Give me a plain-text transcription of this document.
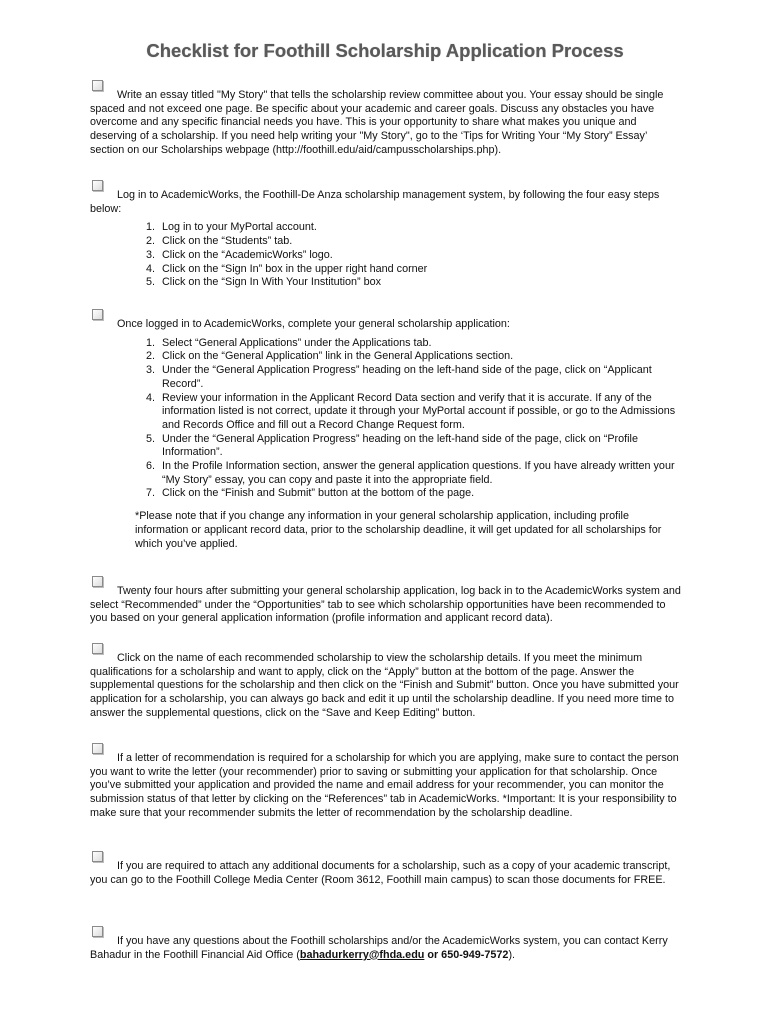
Checklist for Foothill Scholarship Application Process

Write an essay titled "My Story" that tells the scholarship review committee about you. Your essay should be single spaced and not exceed one page. Be specific about your academic and career goals. Discuss any obstacles you have overcome and any specific financial needs you have. This is your opportunity to share what makes you unique and deserving of a scholarship. If you need help writing your "My Story", go to the ‘Tips for Writing Your “My Story” Essay’ section on our Scholarships webpage (http://foothill.edu/aid/campusscholarships.php).

Log in to AcademicWorks, the Foothill-De Anza scholarship management system, by following the four easy steps below:

1. Log in to your MyPortal account.
2. Click on the “Students” tab.
3. Click on the “AcademicWorks” logo.
4. Click on the “Sign In” box in the upper right hand corner
5. Click on the “Sign In With Your Institution” box

Once logged in to AcademicWorks, complete your general scholarship application:

1. Select “General Applications” under the Applications tab.
2. Click on the “General Application” link in the General Applications section.
3. Under the “General Application Progress” heading on the left-hand side of the page, click on “Applicant Record”.
4. Review your information in the Applicant Record Data section and verify that it is accurate. If any of the information listed is not correct, update it through your MyPortal account if possible, or go to the Admissions and Records Office and fill out a Record Change Request form.
5. Under the “General Application Progress” heading on the left-hand side of the page, click on “Profile Information”.
6. In the Profile Information section, answer the general application questions. If you have already written your “My Story” essay, you can copy and paste it into the appropriate field.
7. Click on the “Finish and Submit” button at the bottom of the page.

*Please note that if you change any information in your general scholarship application, including profile information or applicant record data, prior to the scholarship deadline, it will get updated for all scholarships for which you’ve applied.

Twenty four hours after submitting your general scholarship application, log back in to the AcademicWorks system and select “Recommended” under the “Opportunities” tab to see which scholarship opportunities have been recommended to you based on your general application information (profile information and applicant record data).

Click on the name of each recommended scholarship to view the scholarship details. If you meet the minimum qualifications for a scholarship and want to apply, click on the “Apply” button at the bottom of the page. Answer the supplemental questions for the scholarship and then click on the “Finish and Submit” button. Once you have submitted your application for a scholarship, you can always go back and edit it up until the scholarship deadline. If you need more time to answer the supplemental questions, click on the “Save and Keep Editing” button.

If a letter of recommendation is required for a scholarship for which you are applying, make sure to contact the person you want to write the letter (your recommender) prior to saving or submitting your application for that scholarship. Once you’ve submitted your application and provided the name and email address for your recommender, you can monitor the submission status of that letter by clicking on the “References” tab in AcademicWorks. *Important: It is your responsibility to make sure that your recommender submits the letter of recommendation by the scholarship deadline.

If you are required to attach any additional documents for a scholarship, such as a copy of your academic transcript, you can go to the Foothill College Media Center (Room 3612, Foothill main campus) to scan those documents for FREE.

If you have any questions about the Foothill scholarships and/or the AcademicWorks system, you can contact Kerry Bahadur in the Foothill Financial Aid Office (bahadurkerry@fhda.edu or 650-949-7572).
